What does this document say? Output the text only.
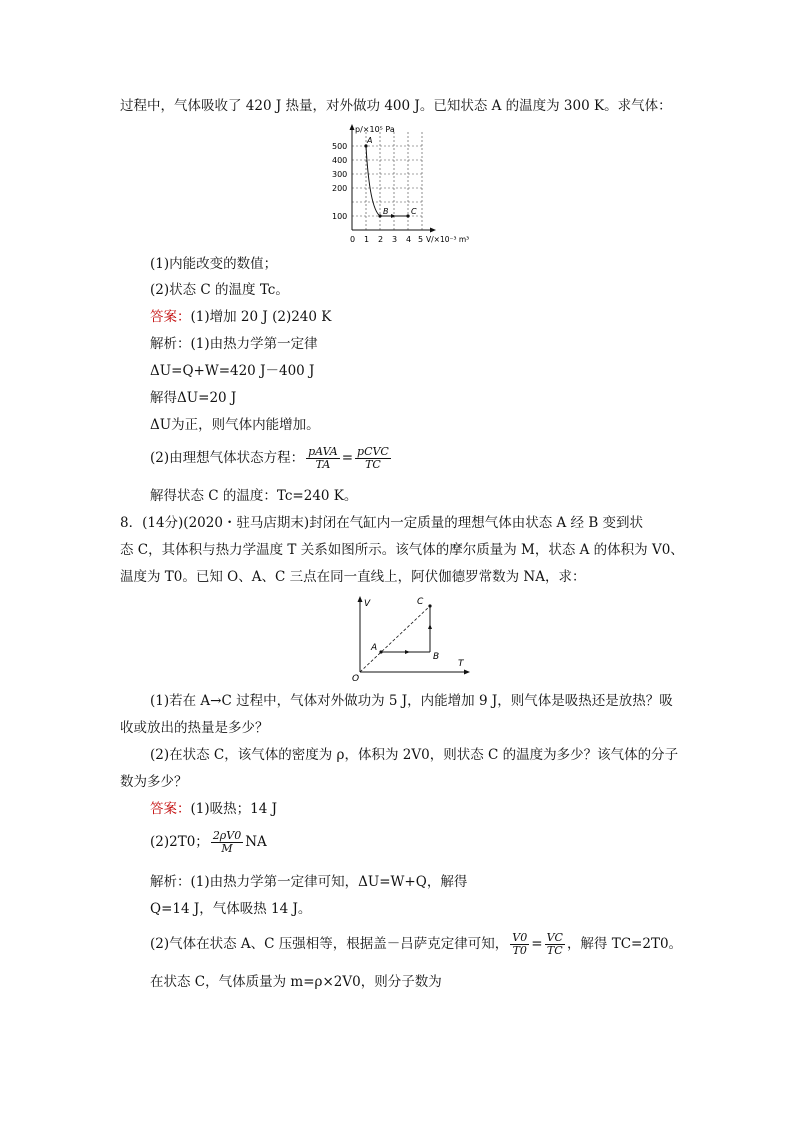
过程中，气体吸收了 420 J 热量，对外做功 400 J。已知状态 A 的温度为 300 K。求气体：
p/×10⁵ Pa
V/×10⁻³ m³
500
400
300
200
100
0 1 2 3 4 5
A
B	C
(1)内能改变的数值；
(2)状态 C 的温度 Tc。
答案：(1)增加 20 J (2)240 K
解析：(1)由热力学第一定律
ΔU=Q+W=420 J－400 J
解得ΔU=20 J
ΔU为正，则气体内能增加。
(2)由理想气体状态方程： $\frac{\text{pAVA}}{TA} = \frac{\text{pCVC}}{TC}$
解得状态 C 的温度：Tc=240 K。
8．(14分)(2020・驻马店期末)封闭在气缸内一定质量的理想气体由状态 A 经 B 变到状
态 C，其体积与热力学温度 T 关系如图所示。该气体的摩尔质量为 M，状态 A 的体积为 V0、
温度为 T0。已知 O、A、C 三点在同一直线上，阿伏伽德罗常数为 NA，求：
V
T
O
A
B
C
(1)若在 A→C 过程中，气体对外做功为 5 J，内能增加 9 J，则气体是吸热还是放热？吸
收或放出的热量是多少？
(2)在状态 C，该气体的密度为 ρ，体积为 2V0，则状态 C 的温度为多少？该气体的分子
数为多少？
答案：(1)吸热；14 J
(2)2T0； $\frac{2\rho V0}{M}$ NA
解析：(1)由热力学第一定律可知，ΔU=W+Q，解得
Q=14 J，气体吸热 14 J。
(2)气体在状态 A、C 压强相等，根据盖－吕萨克定律可知， $\frac{V0}{T0} = \frac{VC}{TC}$ ，解得 TC=2T0。
在状态 C，气体质量为 m=ρ×2V0，则分子数为
